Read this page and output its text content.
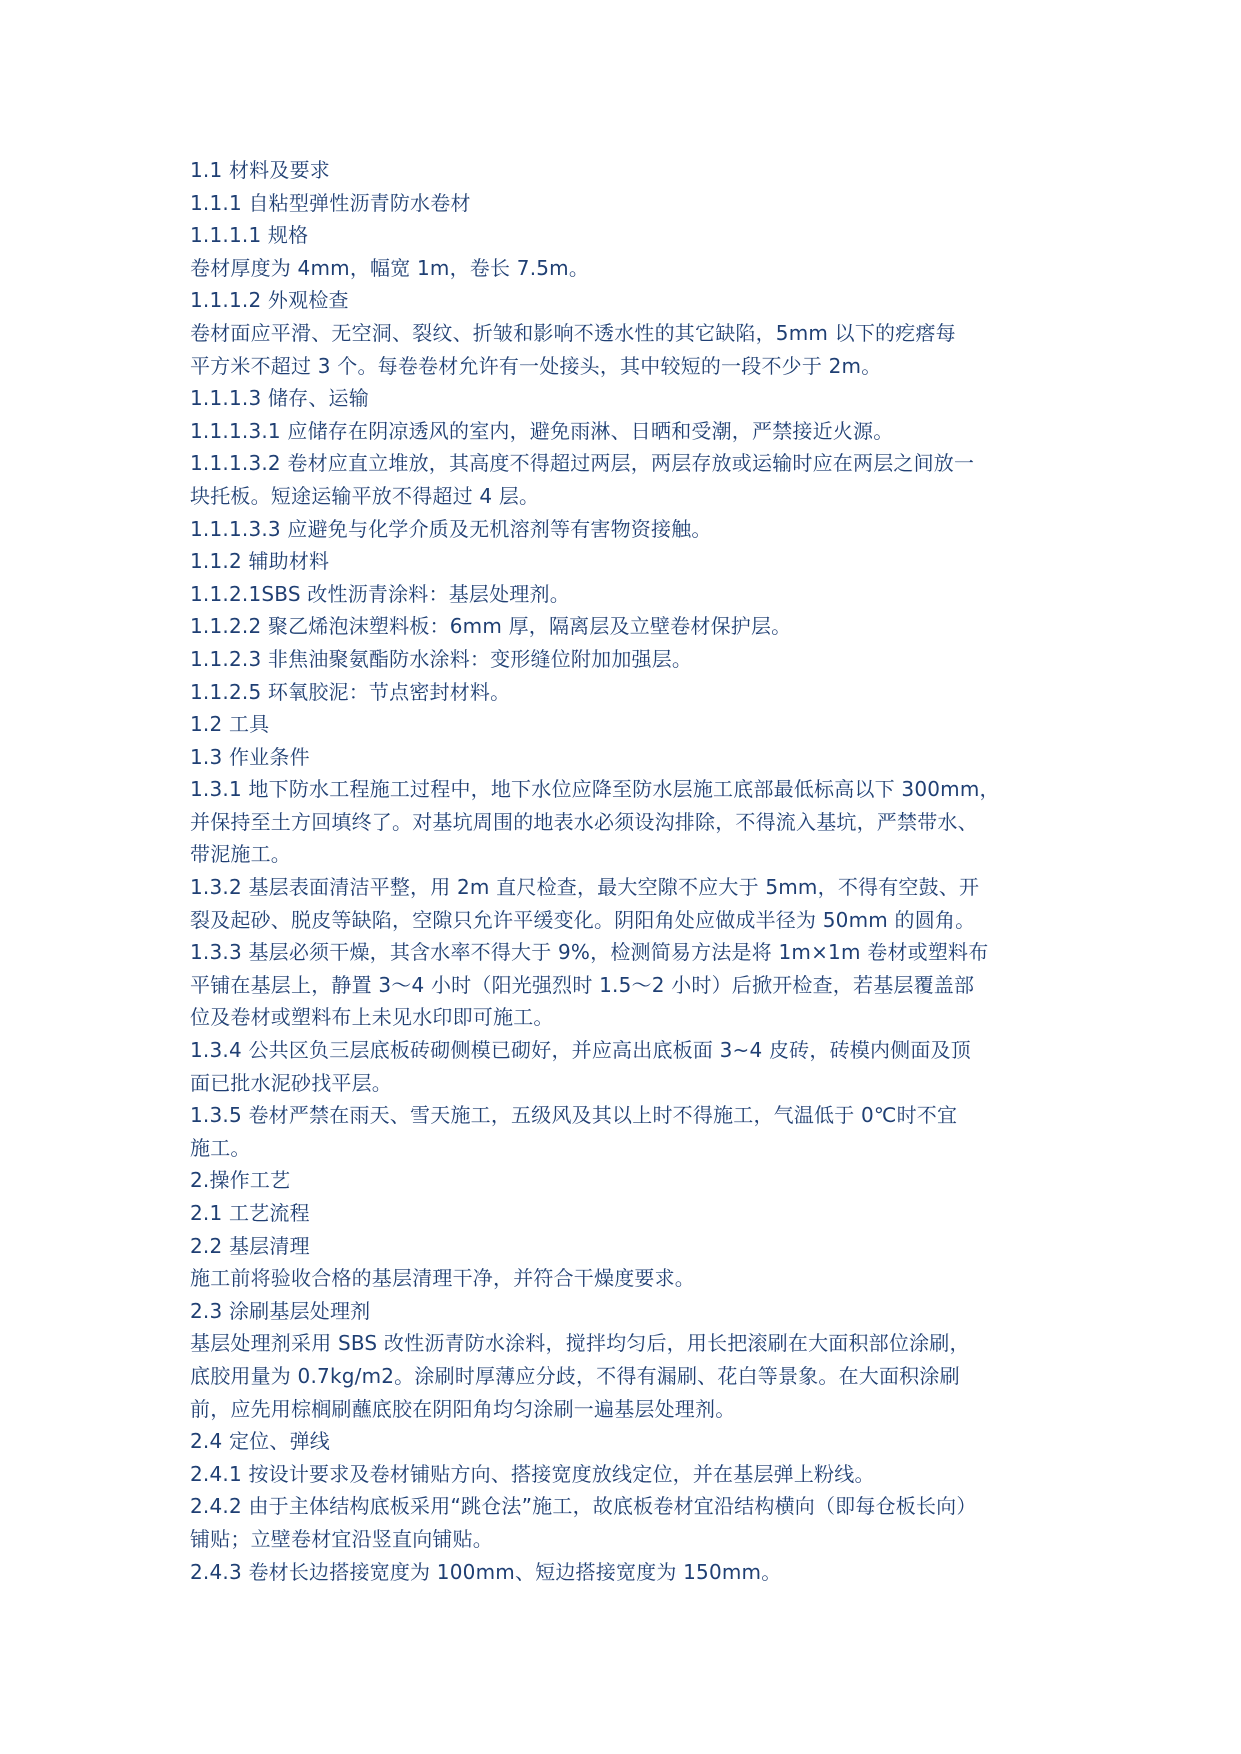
1.1 材料及要求
1.1.1 自粘型弹性沥青防水卷材
1.1.1.1 规格
卷材厚度为 4mm，幅宽 1m，卷长 7.5m。
1.1.1.2 外观检查
卷材面应平滑、无空洞、裂纹、折皱和影响不透水性的其它缺陷，5mm 以下的疙瘩每
平方米不超过 3 个。每卷卷材允许有一处接头，其中较短的一段不少于 2m。
1.1.1.3 储存、运输
1.1.1.3.1 应储存在阴凉透风的室内，避免雨淋、日晒和受潮，严禁接近火源。
1.1.1.3.2 卷材应直立堆放，其高度不得超过两层，两层存放或运输时应在两层之间放一
块托板。短途运输平放不得超过 4 层。
1.1.1.3.3 应避免与化学介质及无机溶剂等有害物资接触。
1.1.2 辅助材料
1.1.2.1SBS 改性沥青涂料：基层处理剂。
1.1.2.2 聚乙烯泡沫塑料板：6mm 厚，隔离层及立壁卷材保护层。
1.1.2.3 非焦油聚氨酯防水涂料：变形缝位附加加强层。
1.1.2.5 环氧胶泥：节点密封材料。
1.2 工具
1.3 作业条件
1.3.1 地下防水工程施工过程中，地下水位应降至防水层施工底部最低标高以下 300mm，
并保持至土方回填终了。对基坑周围的地表水必须设沟排除，不得流入基坑，严禁带水、
带泥施工。
1.3.2 基层表面清洁平整，用 2m 直尺检查，最大空隙不应大于 5mm，不得有空鼓、开
裂及起砂、脱皮等缺陷，空隙只允许平缓变化。阴阳角处应做成半径为 50mm 的圆角。
1.3.3 基层必须干燥，其含水率不得大于 9%，检测简易方法是将 1m×1m 卷材或塑料布
平铺在基层上，静置 3～4 小时（阳光强烈时 1.5～2 小时）后掀开检查，若基层覆盖部
位及卷材或塑料布上未见水印即可施工。
1.3.4 公共区负三层底板砖砌侧模已砌好，并应高出底板面 3~4 皮砖，砖模内侧面及顶
面已批水泥砂找平层。
1.3.5 卷材严禁在雨天、雪天施工，五级风及其以上时不得施工，气温低于 0℃时不宜
施工。
2.操作工艺
2.1 工艺流程
2.2 基层清理
施工前将验收合格的基层清理干净，并符合干燥度要求。
2.3 涂刷基层处理剂
基层处理剂采用 SBS 改性沥青防水涂料，搅拌均匀后，用长把滚刷在大面积部位涂刷，
底胶用量为 0.7kg/m2。涂刷时厚薄应分歧，不得有漏刷、花白等景象。在大面积涂刷
前，应先用棕榈刷蘸底胶在阴阳角均匀涂刷一遍基层处理剂。
2.4 定位、弹线
2.4.1 按设计要求及卷材铺贴方向、搭接宽度放线定位，并在基层弹上粉线。
2.4.2 由于主体结构底板采用“跳仓法”施工，故底板卷材宜沿结构横向（即每仓板长向）
铺贴；立壁卷材宜沿竖直向铺贴。
2.4.3 卷材长边搭接宽度为 100mm、短边搭接宽度为 150mm。
